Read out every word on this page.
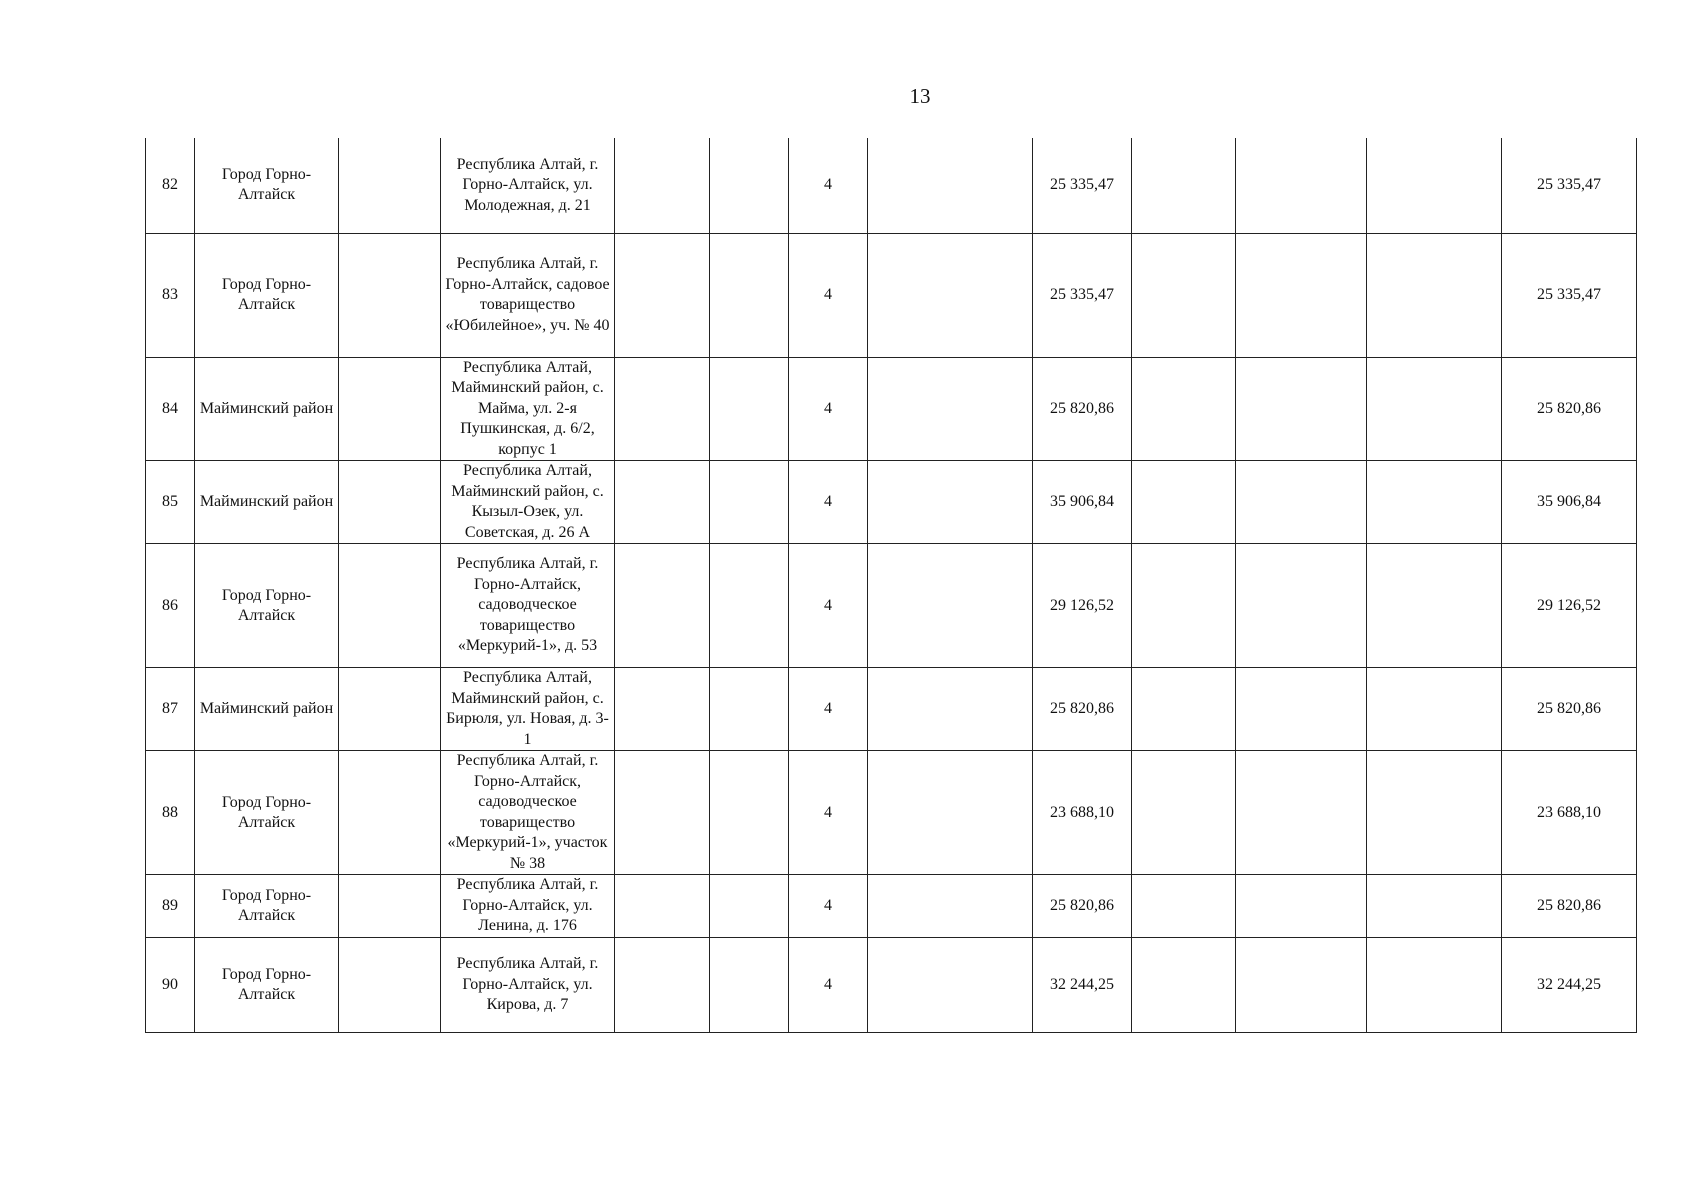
13
82	Город Горно-Алтайск		Республика Алтай, г. Горно-Алтайск, ул. Молодежная, д. 21			4		25 335,47				25 335,47
83	Город Горно-Алтайск		Республика Алтай, г. Горно-Алтайск, садовое товарищество «Юбилейное», уч. № 40			4		25 335,47				25 335,47
84	Майминский район		Республика Алтай, Майминский район, с. Майма, ул. 2-я Пушкинская, д. 6/2, корпус 1			4		25 820,86				25 820,86
85	Майминский район		Республика Алтай, Майминский район, с. Кызыл-Озек, ул. Советская, д. 26 А			4		35 906,84				35 906,84
86	Город Горно-Алтайск		Республика Алтай, г. Горно-Алтайск, садоводческое товарищество «Меркурий-1», д. 53			4		29 126,52				29 126,52
87	Майминский район		Республика Алтай, Майминский район, с. Бирюля, ул. Новая, д. 3-1			4		25 820,86				25 820,86
88	Город Горно-Алтайск		Республика Алтай, г. Горно-Алтайск, садоводческое товарищество «Меркурий-1», участок № 38			4		23 688,10				23 688,10
89	Город Горно-Алтайск		Республика Алтай, г. Горно-Алтайск, ул. Ленина, д. 176			4		25 820,86				25 820,86
90	Город Горно-Алтайск		Республика Алтай, г. Горно-Алтайск, ул. Кирова, д. 7			4		32 244,25				32 244,25
